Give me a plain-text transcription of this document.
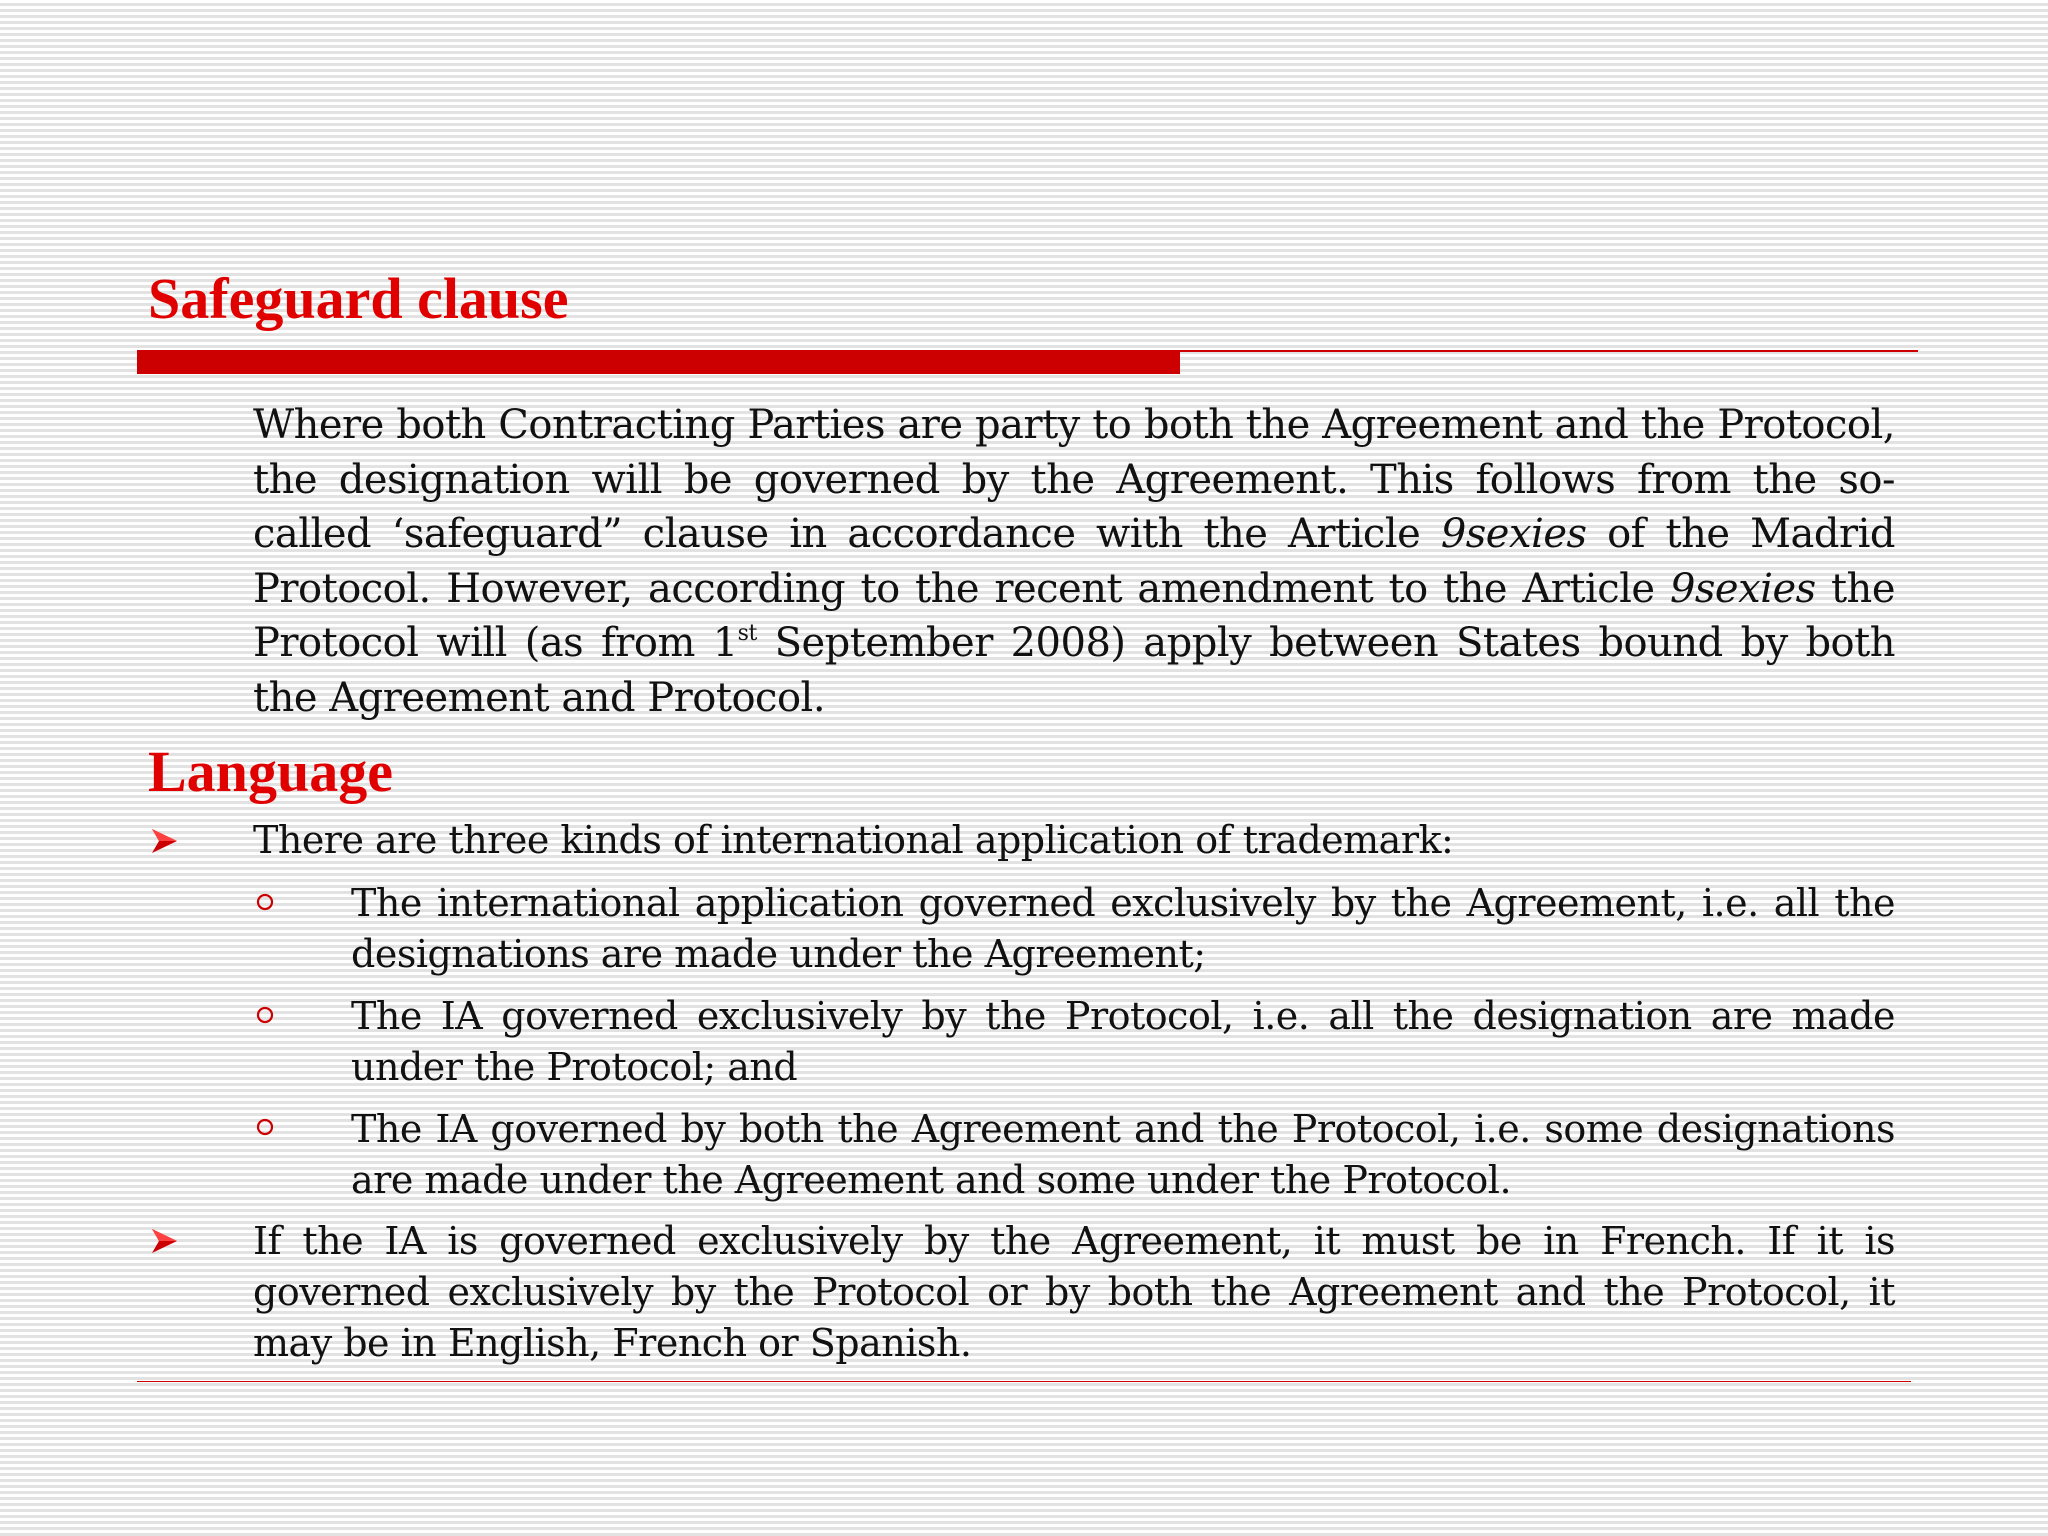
Safeguard clause

Where both Contracting Parties are party to both the Agreement and the Protocol, the designation will be governed by the Agreement. This follows from the so-called ‘safeguard” clause in accordance with the Article 9sexies of the Madrid Protocol. However, according to the recent amendment to the Article 9sexies the Protocol will (as from 1st September 2008) apply between States bound by both the Agreement and Protocol.

Language

There are three kinds of international application of trademark:

The international application governed exclusively by the Agreement, i.e. all the designations are made under the Agreement;

The IA governed exclusively by the Protocol, i.e. all the designation are made under the Protocol; and

The IA governed by both the Agreement and the Protocol, i.e. some designations are made under the Agreement and some under the Protocol.

If the IA is governed exclusively by the Agreement, it must be in French. If it is governed exclusively by the Protocol or by both the Agreement and the Protocol, it may be in English, French or Spanish.
